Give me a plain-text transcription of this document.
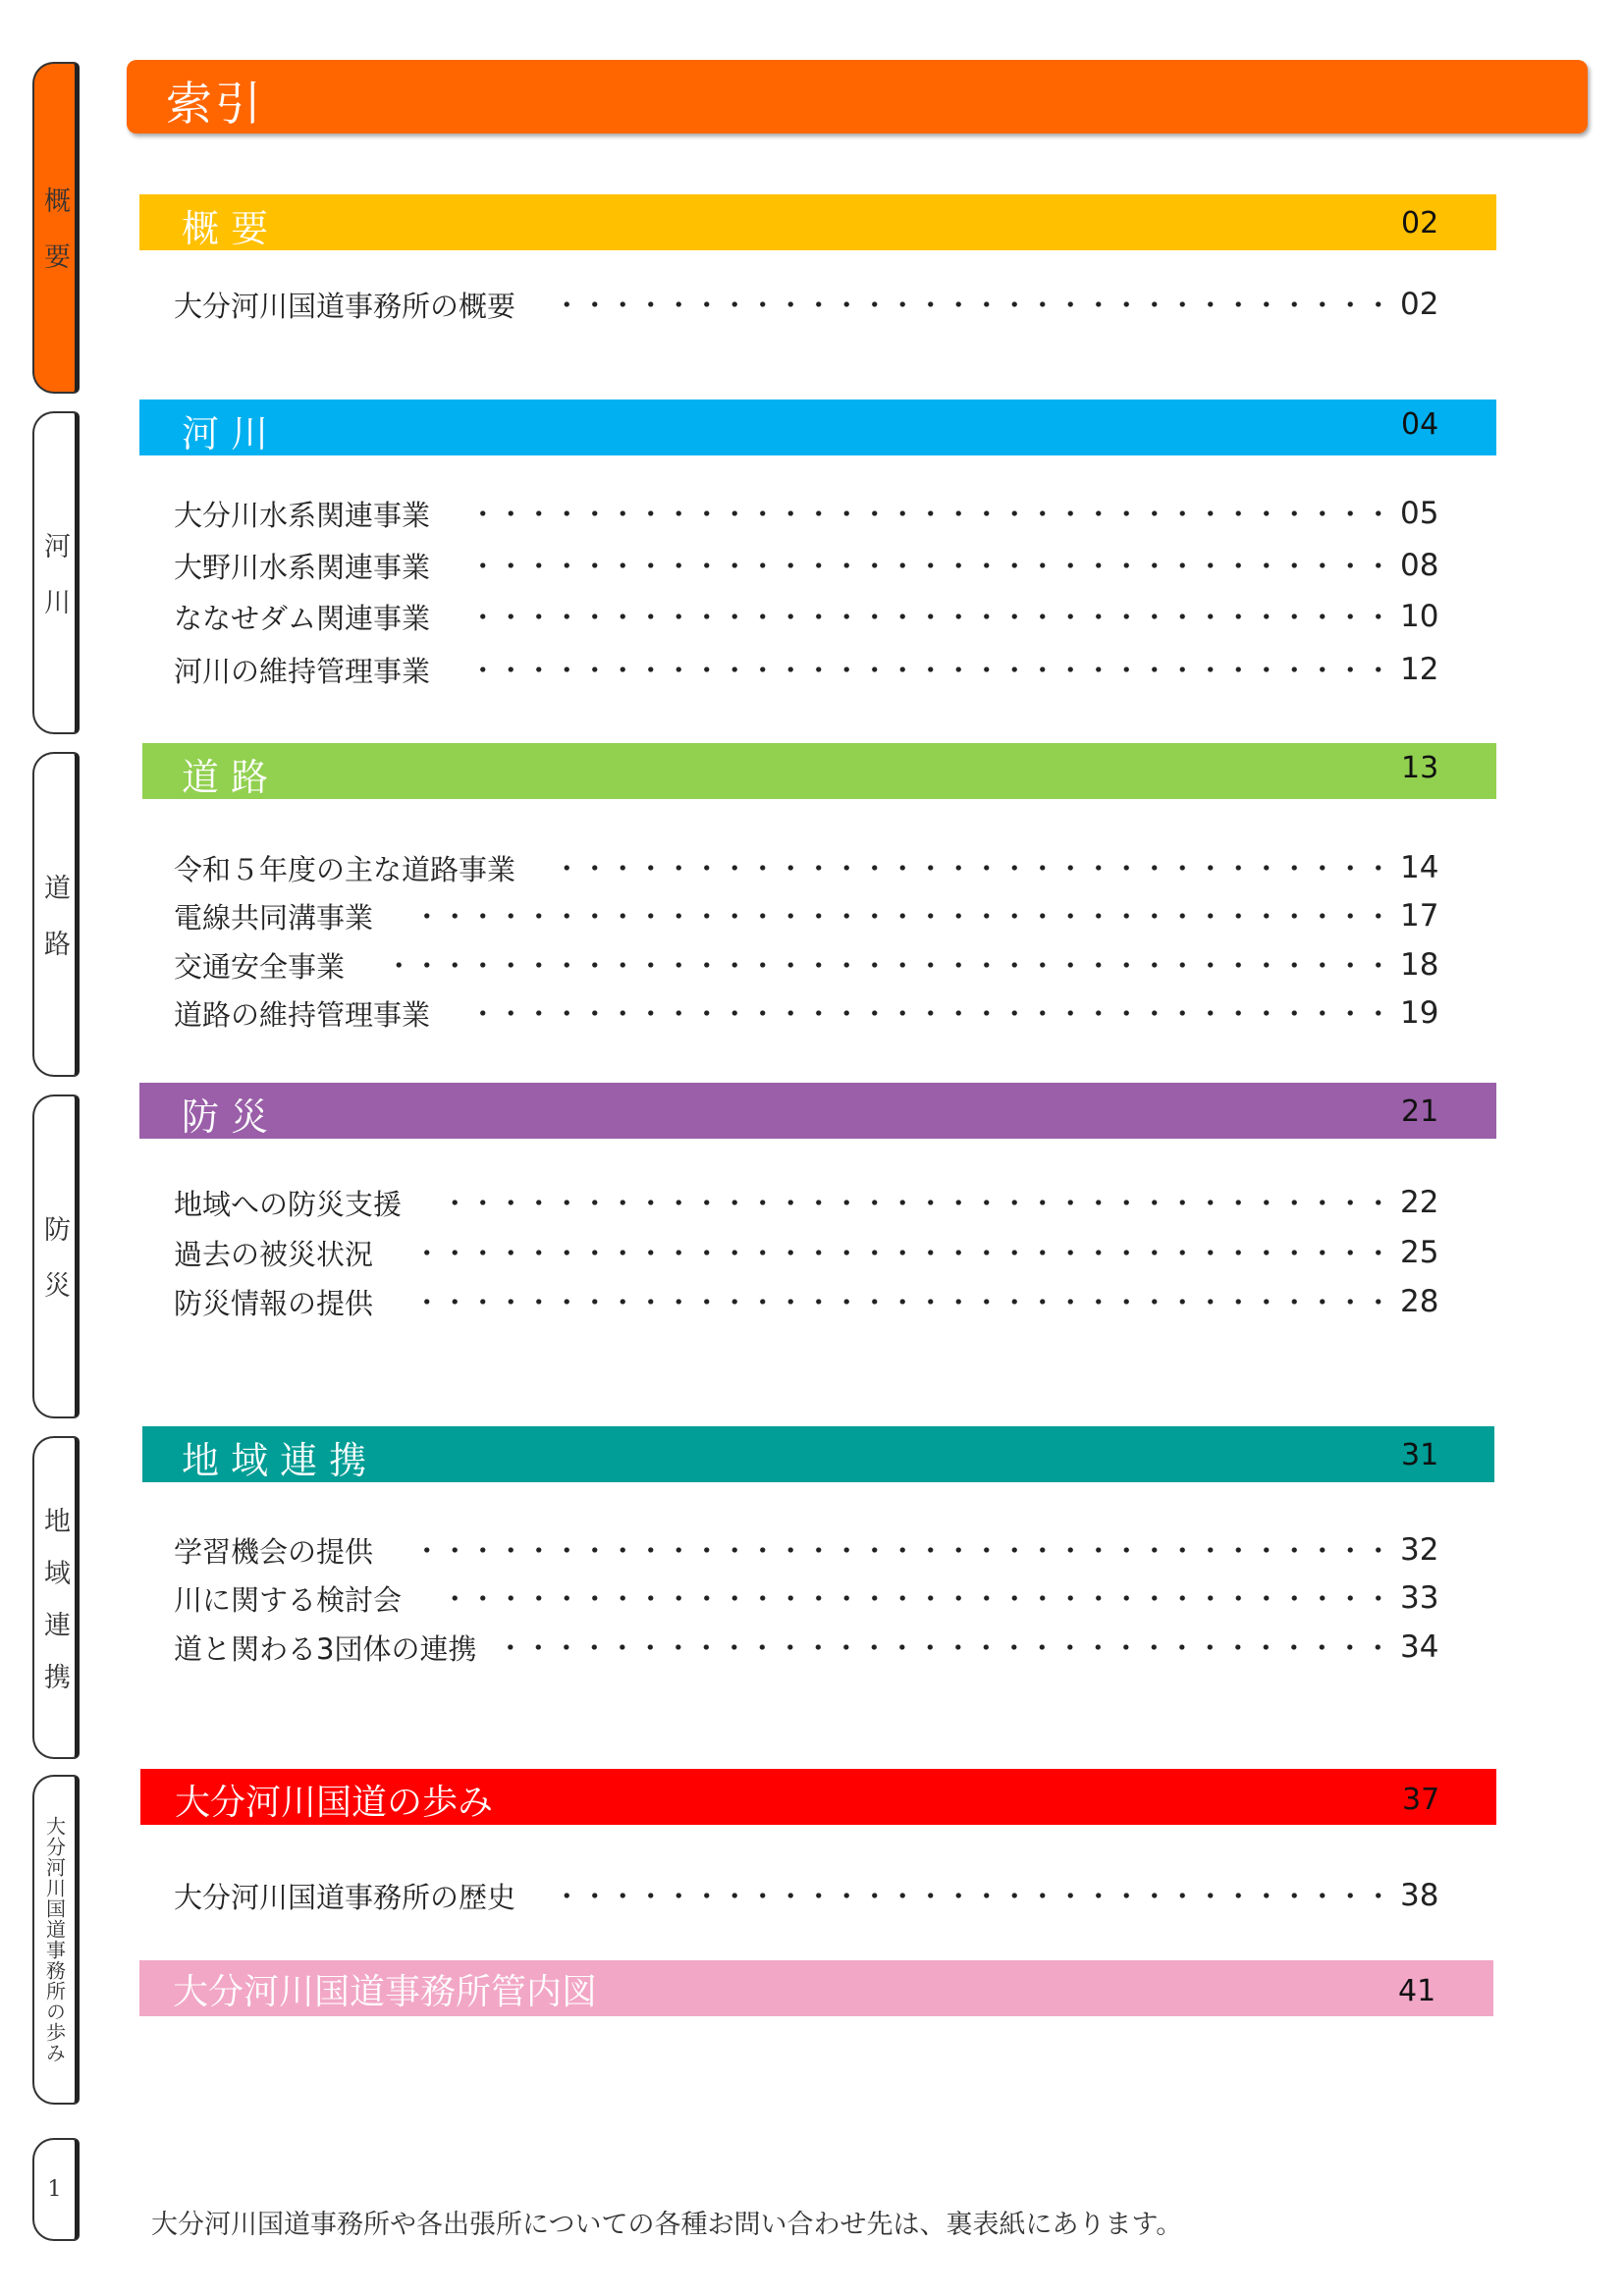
概要
河川
道路
防災
地域連携
大分河川国道事務所の歩み
1
索引
概 要	02
大分河川国道事務所の概要	02
河 川	04
大分川水系関連事業	05
大野川水系関連事業	08
ななせダム関連事業	10
河川の維持管理事業	12
道 路	13
令和５年度の主な道路事業	14
電線共同溝事業	17
交通安全事業	18
道路の維持管理事業	19
防 災	21
地域への防災支援	22
過去の被災状況	25
防災情報の提供	28
地 域 連 携	31
学習機会の提供	32
川に関する検討会	33
道と関わる3団体の連携	34
大分河川国道の歩み	37
大分河川国道事務所の歴史	38
大分河川国道事務所管内図	41
大分河川国道事務所や各出張所についての各種お問い合わせ先は、裏表紙にあります。
